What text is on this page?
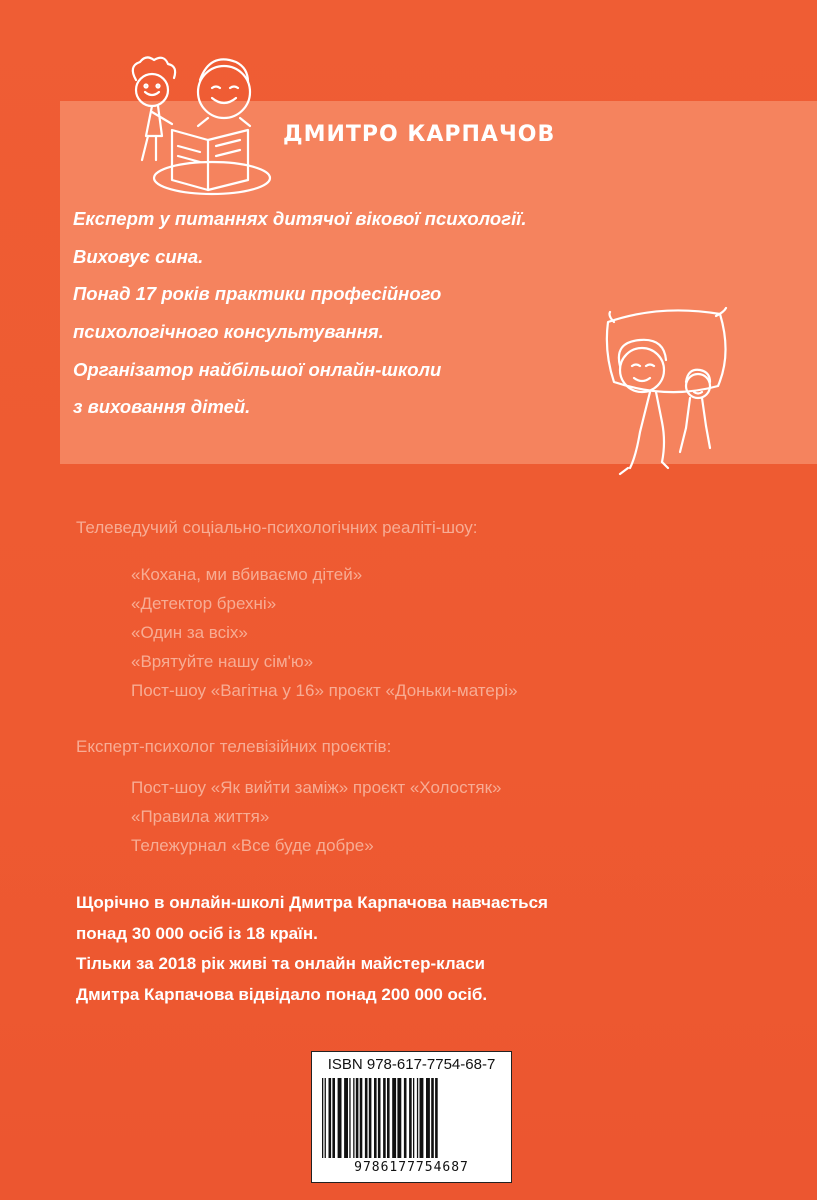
ДМИТРО КАРПАЧОВ
Експерт у питаннях дитячої вікової психології.
Виховує сина.
Понад 17 років практики професійного
психологічного консультування.
Організатор найбільшої онлайн-школи
з виховання дітей.
Телеведучий соціально-психологічних реаліті-шоу:
«Кохана, ми вбиваємо дітей»
«Детектор брехні»
«Один за всіх»
«Врятуйте нашу сім'ю»
Пост-шоу «Вагітна у 16» проєкт «Доньки-матері»
Експерт-психолог телевізійних проєктів:
Пост-шоу «Як вийти заміж» проєкт «Холостяк»
«Правила життя»
Тележурнал «Все буде добре»
Щорічно в онлайн-школі Дмитра Карпачова навчається
понад 30 000 осіб із 18 країн.
Тільки за 2018 рік живі та онлайн майстер-класи
Дмитра Карпачова відвідало понад 200 000 осіб.
ISBN 978-617-7754-68-7
9786177754687
